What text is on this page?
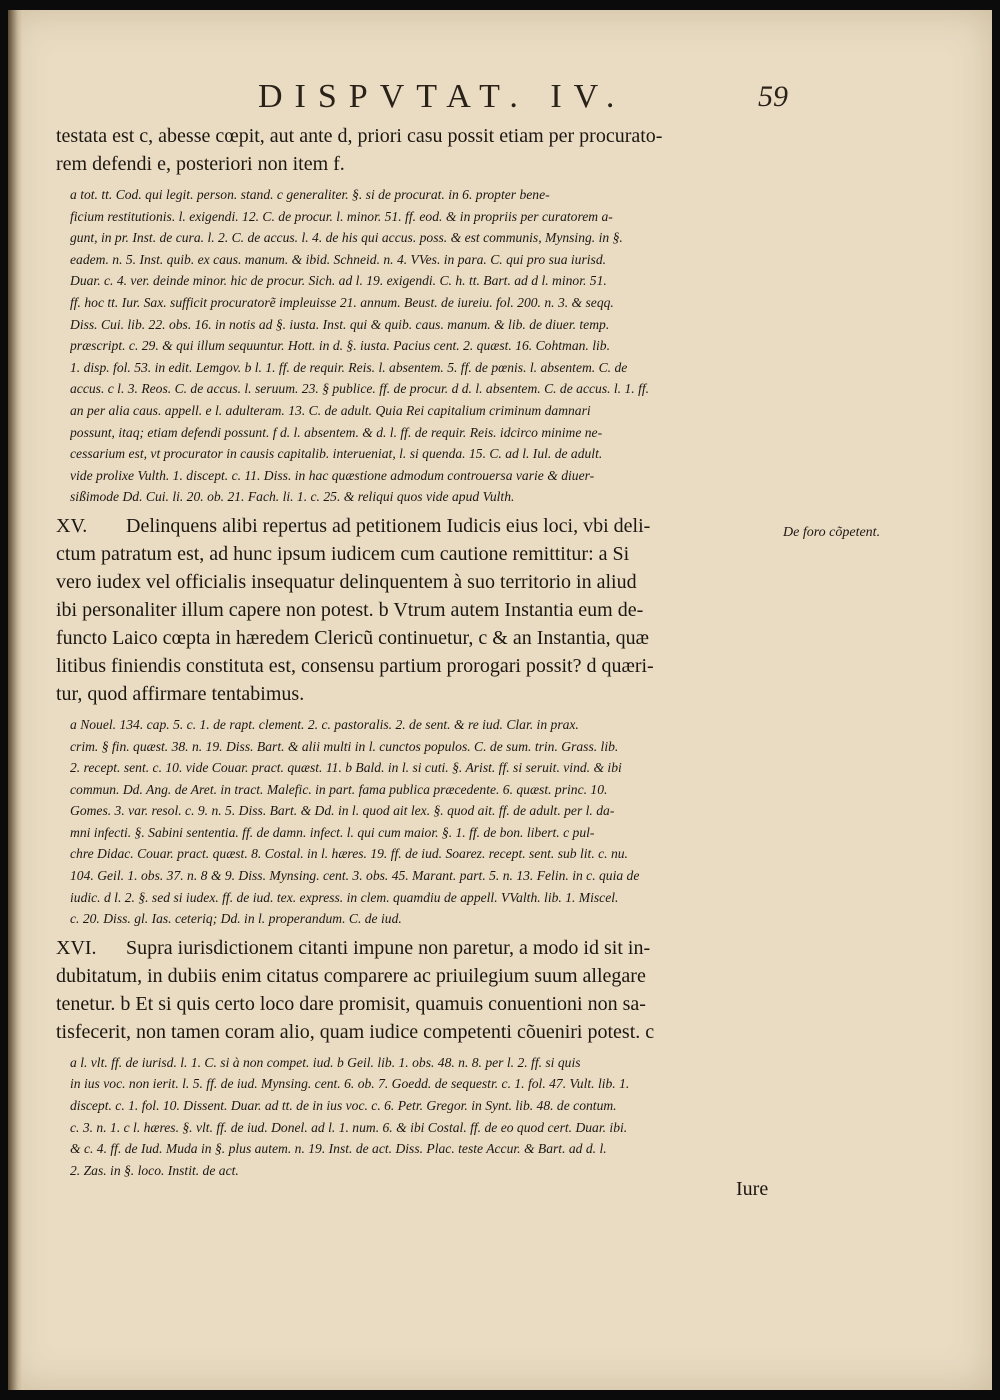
DISPVTAT. IV.	59
De foro cõpetent.
testata est c, abesse cœpit, aut ante d, priori casu possit etiam per procurato-
rem defendi e, posteriori non item f.
a tot. tt. Cod. qui legit. person. stand. c generaliter. §. si de procurat. in 6. propter bene-
ficium restitutionis. l. exigendi. 12. C. de procur. l. minor. 51. ff. eod. & in propriis per curatorem a-
gunt, in pr. Inst. de cura. l. 2. C. de accus. l. 4. de his qui accus. poss. & est communis, Mynsing. in §.
eadem. n. 5. Inst. quib. ex caus. manum. & ibid. Schneid. n. 4. VVes. in para. C. qui pro sua iurisd.
Duar. c. 4. ver. deinde minor. hic de procur. Sich. ad l. 19. exigendi. C. h. tt. Bart. ad d l. minor. 51.
ff. hoc tt. Iur. Sax. sufficit procuratorẽ impleuisse 21. annum. Beust. de iureiu. fol. 200. n. 3. & seqq.
Diss. Cui. lib. 22. obs. 16. in notis ad §. iusta. Inst. qui & quib. caus. manum. & lib. de diuer. temp.
præscript. c. 29. & qui illum sequuntur. Hott. in d. §. iusta. Pacius cent. 2. quæst. 16. Cohtman. lib.
1. disp. fol. 53. in edit. Lemgov. b l. 1. ff. de requir. Reis. l. absentem. 5. ff. de pœnis. l. absentem. C. de
accus. c l. 3. Reos. C. de accus. l. seruum. 23. § publice. ff. de procur. d d. l. absentem. C. de accus. l. 1. ff.
an per alia caus. appell. e l. adulteram. 13. C. de adult. Quia Rei capitalium criminum damnari
possunt, itaq; etiam defendi possunt. f d. l. absentem. & d. l. ff. de requir. Reis. idcirco minime ne-
cessarium est, vt procurator in causis capitalib. interueniat, l. si quenda. 15. C. ad l. Iul. de adult.
vide prolixe Vulth. 1. discept. c. 11. Diss. in hac quæstione admodum controuersa varie & diuer-
sißimode Dd. Cui. li. 20. ob. 21. Fach. li. 1. c. 25. & reliqui quos vide apud Vulth.
XV. Delinquens alibi repertus ad petitionem Iudicis eius loci, vbi deli-
ctum patratum est, ad hunc ipsum iudicem cum cautione remittitur: a Si
vero iudex vel officialis insequatur delinquentem à suo territorio in aliud
ibi personaliter illum capere non potest. b Vtrum autem Instantia eum de-
functo Laico cœpta in hæredem Clericũ continuetur, c & an Instantia, quæ
litibus finiendis constituta est, consensu partium prorogari possit? d quæri-
tur, quod affirmare tentabimus.
a Nouel. 134. cap. 5. c. 1. de rapt. clement. 2. c. pastoralis. 2. de sent. & re iud. Clar. in prax.
crim. § fin. quæst. 38. n. 19. Diss. Bart. & alii multi in l. cunctos populos. C. de sum. trin. Grass. lib.
2. recept. sent. c. 10. vide Couar. pract. quæst. 11. b Bald. in l. si cuti. §. Arist. ff. si seruit. vind. & ibi
commun. Dd. Ang. de Aret. in tract. Malefic. in part. fama publica præcedente. 6. quæst. princ. 10.
Gomes. 3. var. resol. c. 9. n. 5. Diss. Bart. & Dd. in l. quod ait lex. §. quod ait. ff. de adult. per l. da-
mni infecti. §. Sabini sententia. ff. de damn. infect. l. qui cum maior. §. 1. ff. de bon. libert. c pul-
chre Didac. Couar. pract. quæst. 8. Costal. in l. hæres. 19. ff. de iud. Soarez. recept. sent. sub lit. c. nu.
104. Geil. 1. obs. 37. n. 8 & 9. Diss. Mynsing. cent. 3. obs. 45. Marant. part. 5. n. 13. Felin. in c. quia de
iudic. d l. 2. §. sed si iudex. ff. de iud. tex. express. in clem. quamdiu de appell. VValth. lib. 1. Miscel.
c. 20. Diss. gl. Ias. ceteriq; Dd. in l. properandum. C. de iud.
XVI. Supra iurisdictionem citanti impune non paretur, a modo id sit in-
dubitatum, in dubiis enim citatus comparere ac priuilegium suum allegare
tenetur. b Et si quis certo loco dare promisit, quamuis conuentioni non sa-
tisfecerit, non tamen coram alio, quam iudice competenti cõueniri potest. c
a l. vlt. ff. de iurisd. l. 1. C. si à non compet. iud. b Geil. lib. 1. obs. 48. n. 8. per l. 2. ff. si quis
in ius voc. non ierit. l. 5. ff. de iud. Mynsing. cent. 6. ob. 7. Goedd. de sequestr. c. 1. fol. 47. Vult. lib. 1.
discept. c. 1. fol. 10. Dissent. Duar. ad tt. de in ius voc. c. 6. Petr. Gregor. in Synt. lib. 48. de contum.
c. 3. n. 1. c l. hæres. §. vlt. ff. de iud. Donel. ad l. 1. num. 6. & ibi Costal. ff. de eo quod cert. Duar. ibi.
& c. 4. ff. de Iud. Muda in §. plus autem. n. 19. Inst. de act. Diss. Plac. teste Accur. & Bart. ad d. l.
2. Zas. in §. loco. Instit. de act.
Iure
